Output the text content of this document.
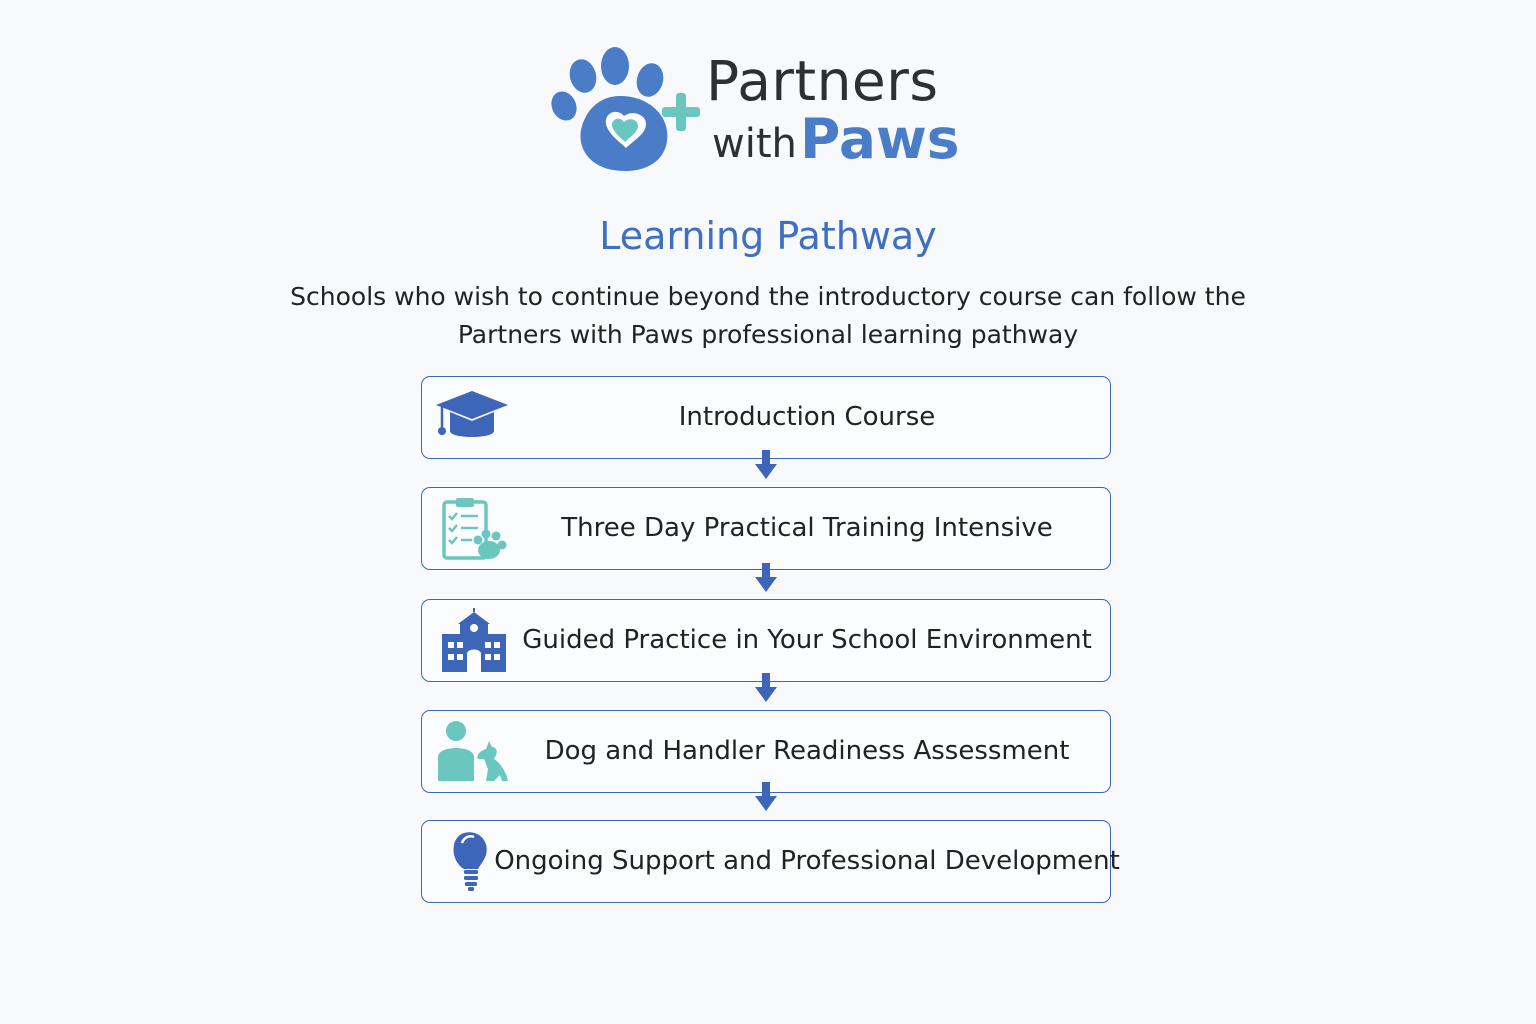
Partners
with Paws
Learning Pathway
Schools who wish to continue beyond the introductory course can follow the Partners with Paws professional learning pathway
Introduction Course
Three Day Practical Training Intensive
Guided Practice in Your School Environment
Dog and Handler Readiness Assessment
Ongoing Support and Professional Development
